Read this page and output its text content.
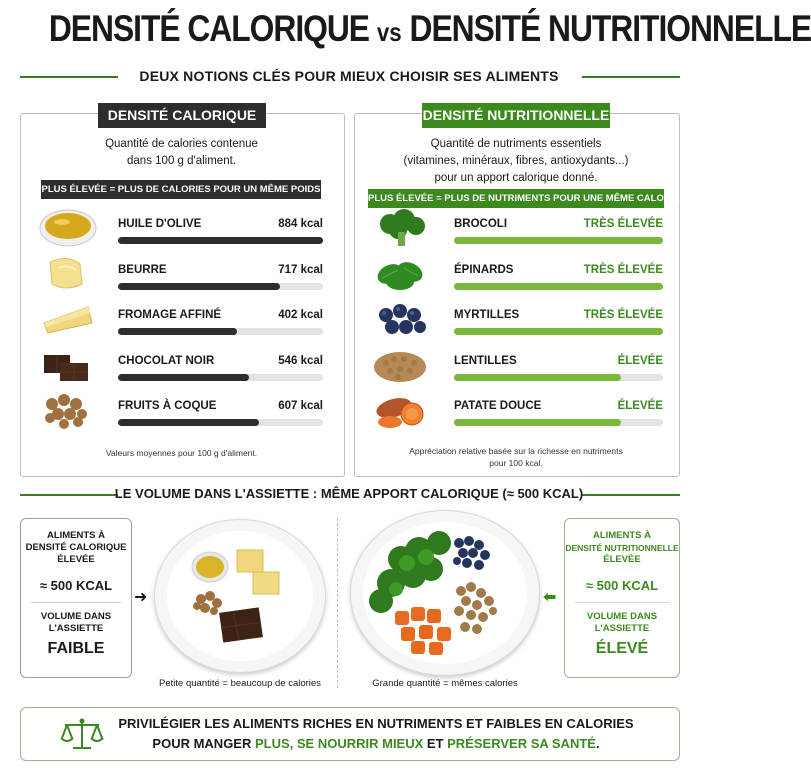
DENSITÉ CALORIQUE vs DENSITÉ NUTRITIONNELLE
DEUX NOTIONS CLÉS POUR MIEUX CHOISIR SES ALIMENTS
DENSITÉ CALORIQUE
Quantité de calories contenue
dans 100 g d'aliment.
PLUS ÉLEVÉE = PLUS DE CALORIES POUR UN MÊME POIDS
HUILE D'OLIVE	884 kcal
BEURRE	717 kcal
FROMAGE AFFINÉ	402 kcal
CHOCOLAT NOIR	546 kcal
FRUITS À COQUE	607 kcal
Valeurs moyennes pour 100 g d'aliment.
DENSITÉ NUTRITIONNELLE
Quantité de nutriments essentiels
(vitamines, minéraux, fibres, antioxydants...)
pour un apport calorique donné.
PLUS ÉLEVÉE = PLUS DE NUTRIMENTS POUR UNE MÊME CALORIE
BROCOLI	TRÈS ÉLEVÉE
ÉPINARDS	TRÈS ÉLEVÉE
MYRTILLES	TRÈS ÉLEVÉE
LENTILLES	ÉLEVÉE
PATATE DOUCE	ÉLEVÉE
Appréciation relative basée sur la richesse en nutriments
pour 100 kcal.
LE VOLUME DANS L'ASSIETTE : MÊME APPORT CALORIQUE (≈ 500 KCAL)
ALIMENTS À
DENSITÉ CALORIQUE
ÉLEVÉE
≈ 500 KCAL
VOLUME DANS
L'ASSIETTE
FAIBLE
➜
Petite quantité = beaucoup de calories	Grande quantité = mêmes calories
⬅
ALIMENTS À
DENSITÉ NUTRITIONNELLE
ÉLEVÉE
≈ 500 KCAL
VOLUME DANS
L'ASSIETTE
ÉLEVÉ
PRIVILÉGIER LES ALIMENTS RICHES EN NUTRIMENTS ET FAIBLES EN CALORIES
POUR MANGER PLUS, SE NOURRIR MIEUX ET PRÉSERVER SA SANTÉ.
